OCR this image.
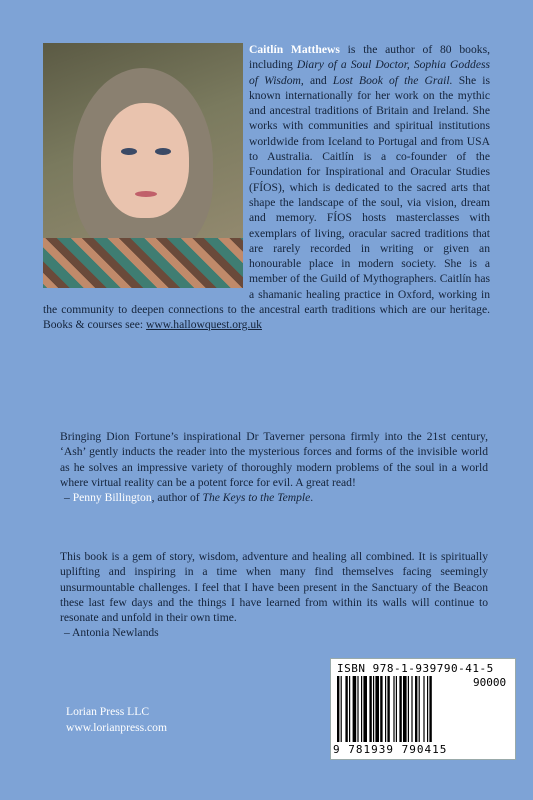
Caitlín Matthews is the author of 80 books, including Diary of a Soul Doctor, Sophia Goddess of Wisdom, and Lost Book of the Grail. She is known internationally for her work on the mythic and ancestral traditions of Britain and Ireland. She works with communities and spiritual institutions worldwide from Iceland to Portugal and from USA to Australia. Caitlín is a co-founder of the Foundation for Inspirational and Oracular Studies (FÍOS), which is dedicated to the sacred arts that shape the landscape of the soul, via vision, dream and memory. FÍOS hosts masterclasses with exemplars of living, oracular sacred traditions that are rarely recorded in writing or given an honourable place in modern society. She is a member of the Guild of Mythographers. Caitlín has a shamanic healing practice in Oxford, working in the community to deepen connections to the ancestral earth traditions which are our heritage. Books & courses see: www.hallowquest.org.uk
Bringing Dion Fortune’s inspirational Dr Taverner persona firmly into the 21st century, ‘Ash’ gently inducts the reader into the mysterious forces and forms of the invisible world as he solves an impressive variety of thoroughly modern problems of the soul in a world where virtual reality can be a potent force for evil. A great read!
– Penny Billington, author of The Keys to the Temple.
This book is a gem of story, wisdom, adventure and healing all combined. It is spiritually uplifting and inspiring in a time when many find themselves facing seemingly unsurmountable challenges. I feel that I have been present in the Sanctuary of the Beacon these last few days and the things I have learned from within its walls will continue to resonate and unfold in their own time.
– Antonia Newlands
Lorian Press LLC
www.lorianpress.com
ISBN 978-1-939790-41-5
90000
9 781939 790415
